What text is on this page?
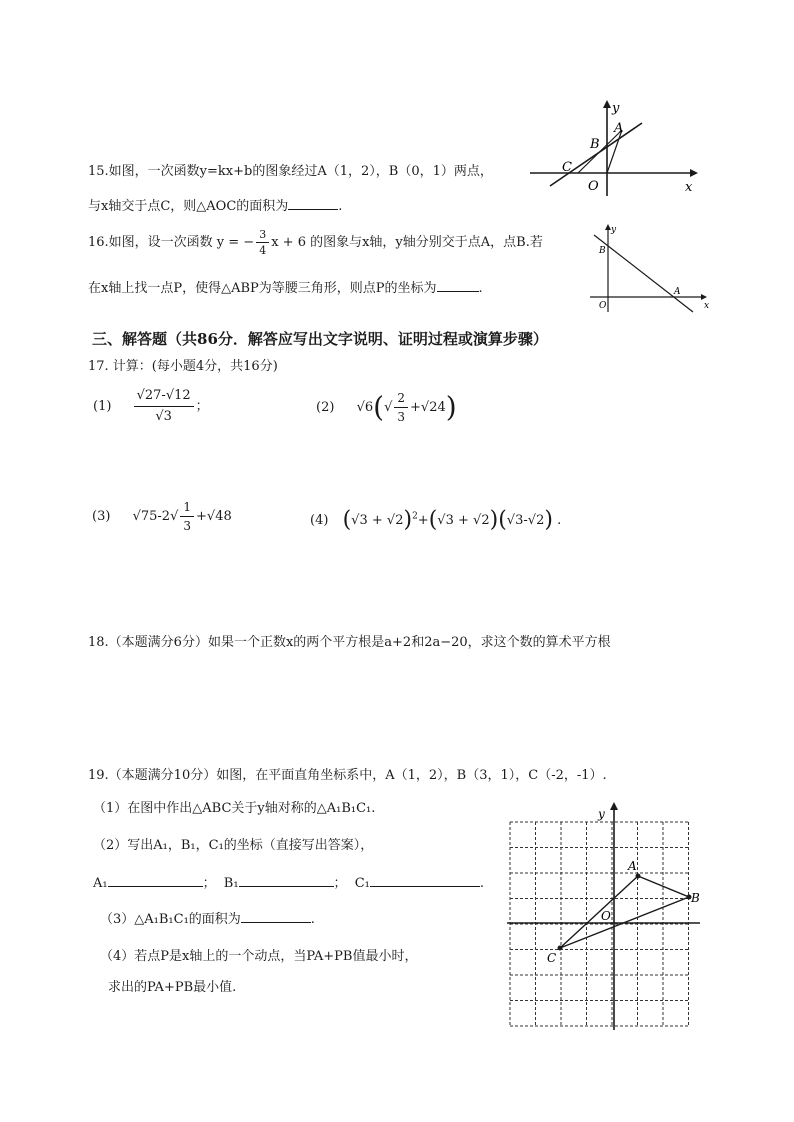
15.如图，一次函数y=kx+b的图象经过A（1，2），B（0，1）两点，
与x轴交于点C，则△AOC的面积为	.
y
x
A
B
C
O
16.如图，设一次函数 y = − $\frac{3}{4}$ x + 6 的图象与x轴，y轴分别交于点A，点B.若
在x轴上找一点P，使得△ABP为等腰三角形，则点P的坐标为	.
y
x
A
B
O
三、解答题（共86分．解答应写出文字说明、证明过程或演算步骤）
17. 计算：(每小题4分，共16分)
$(1) \frac{√27-√12}{√3}$ ；	(2) $√6(√ \frac{2}{3} +√24)$
(3) $√75-2√ \frac{1}{3} +√48$	(4) $(√3 + √2)^2+(√3 + √2)(√3-√2)$ .
18.（本题满分6分）如果一个正数x的两个平方根是a+2和2a−20，求这个数的算术平方根
19.（本题满分10分）如图，在平面直角坐标系中，A（1，2），B（3，1），C（-2，-1）.
（1）在图中作出△ABC关于y轴对称的△A₁B₁C₁.
（2）写出A₁，B₁，C₁的坐标（直接写出答案），
A₁	； B₁	； C₁	.
（3）△A₁B₁C₁的面积为	.
（4）若点P是x轴上的一个动点，当PA+PB值最小时，
求出的PA+PB最小值.
y
A
B
C
O
